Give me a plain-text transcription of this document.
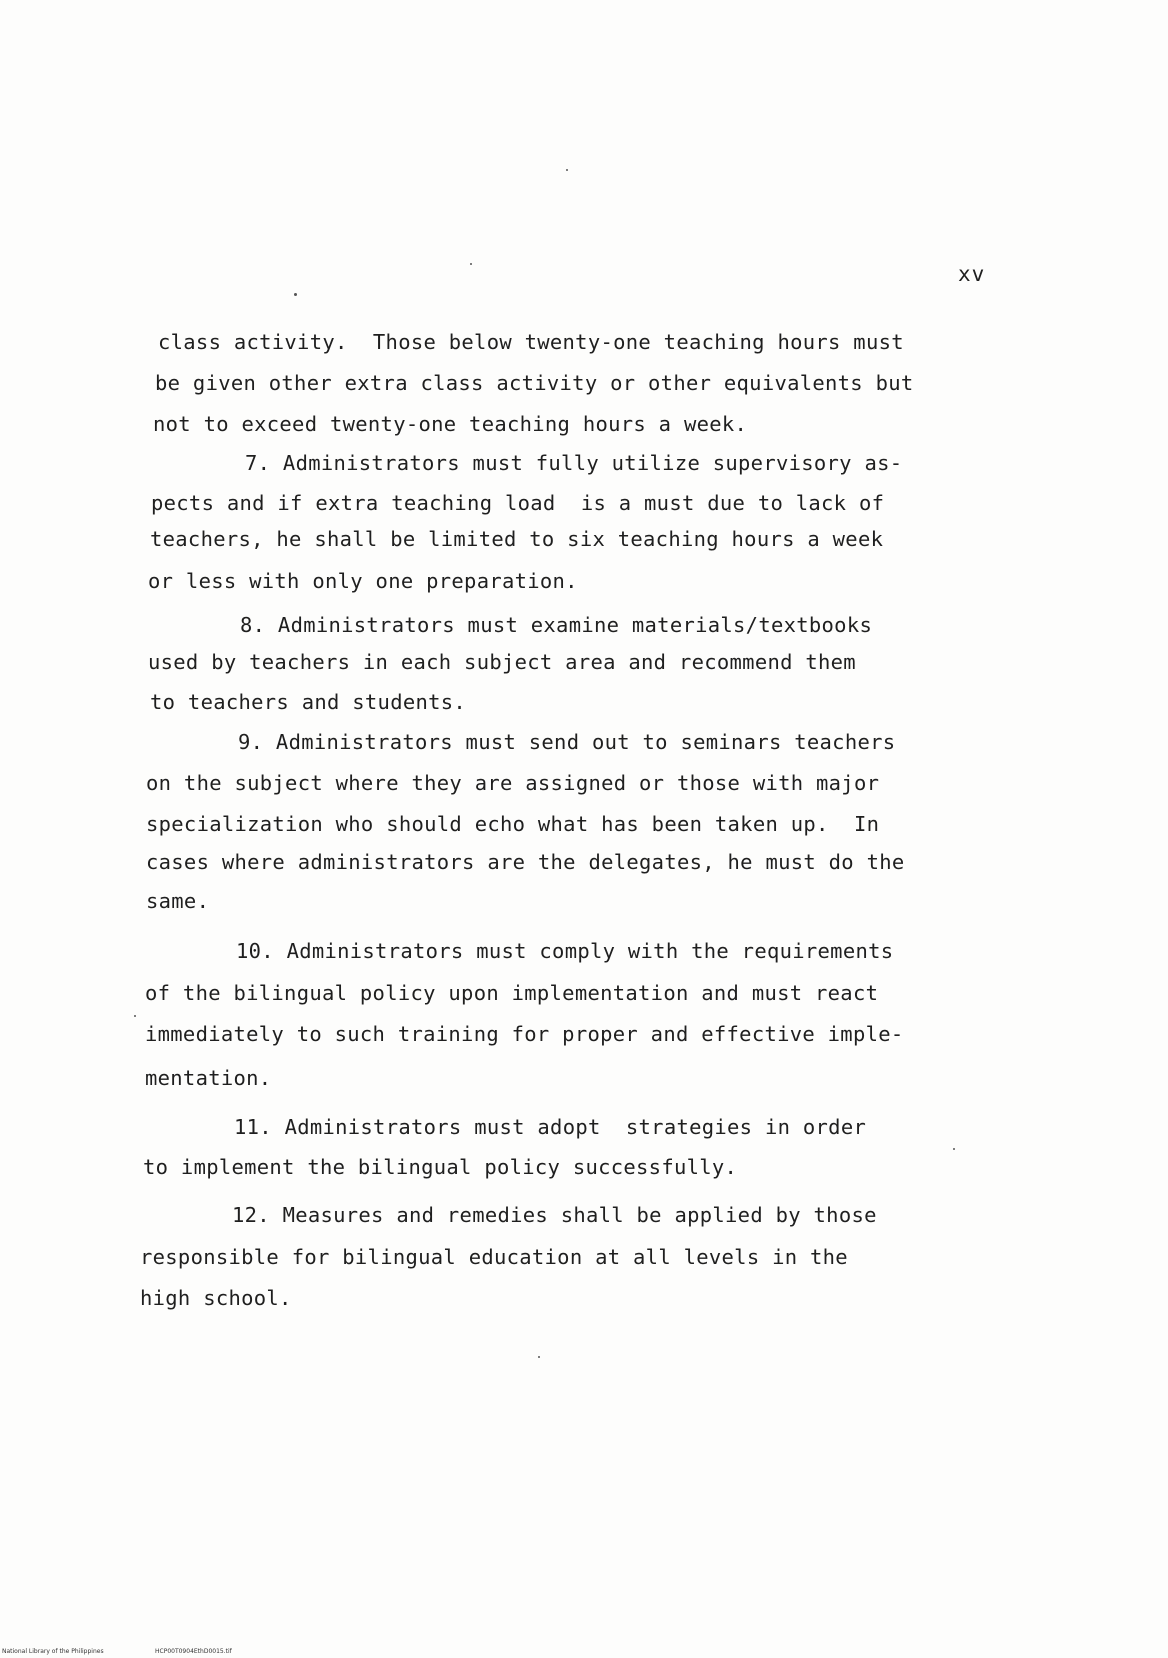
xv
class activity.  Those below twenty-one teaching hours must
be given other extra class activity or other equivalents but
not to exceed twenty-one teaching hours a week.
7. Administrators must fully utilize supervisory as-
pects and if extra teaching load  is a must due to lack of
teachers, he shall be limited to six teaching hours a week
or less with only one preparation.
8. Administrators must examine materials/textbooks
used by teachers in each subject area and recommend them
to teachers and students.
9. Administrators must send out to seminars teachers
on the subject where they are assigned or those with major
specialization who should echo what has been taken up.  In
cases where administrators are the delegates, he must do the
same.
10. Administrators must comply with the requirements
of the bilingual policy upon implementation and must react
immediately to such training for proper and effective imple-
mentation.
11. Administrators must adopt  strategies in order
to implement the bilingual policy successfully.
12. Measures and remedies shall be applied by those
responsible for bilingual education at all levels in the
high school.
National Library of the Philippines	HCP00T0904EthD0015.tif
